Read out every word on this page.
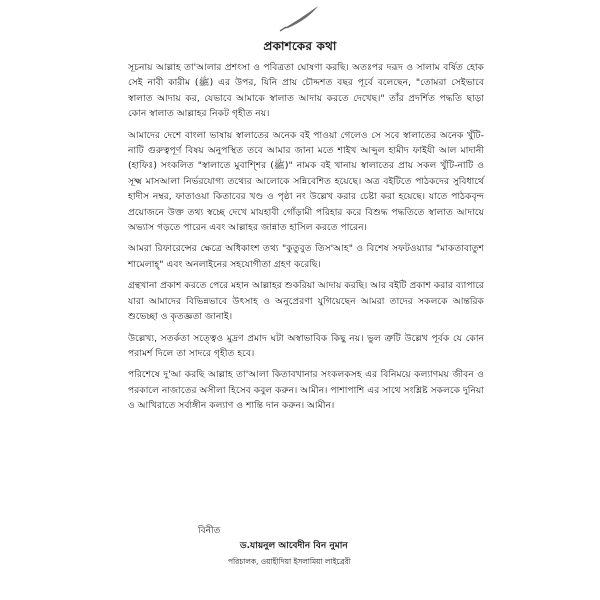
প্রকাশকের কথা

সূচনায় আল্লাহ তা'আলার প্রশংসা ও পবিত্রতা ঘোষণা করছি। অতঃপর দরূদ ও সালাম বর্ষিত হোক সেই নাবী কারীম (ﷺ) এর উপর, যিনি প্রায় চৌদ্দশত বছর পূর্বে বলেছেন, "তোমরা সেইভাবে স্বালাত আদায় কর, যেভাবে আমাকে স্বালাত আদায় করতে দেখেছ।" তাঁর প্রদর্শিত পদ্ধতি ছাড়া কোন স্বালাত আল্লাহর নিকট গৃহীত নয়।

আমাদের দেশে বাংলা ভাষায় স্বালাতের অনেক বই পাওয়া গেলেও সে সবে স্বালাতের অনেক খুঁটি-নাটি গুরুত্বপূর্ণ বিষয় অনুপস্থিত তবে আমার জানা মতে শাইখ আব্দুল হামীদ ফাইযী আল মাদানী (হাফিঃ) সংকলিত "স্বালাতে মুবাশ্শির (ﷺ)" নামক বই খানায় স্বালাতের প্রায় সকল খুঁটি-নাটি ও সূক্ষ্ম মাসআলা নির্ভরযোগ্য তথ্যের আলোকে সন্নিবেশিত হয়েছে। অত্র বইটিতে পাঠকদের সুবিধার্থে হাদীস নম্বর, ফাতাওয়া কিতাবের খণ্ড ও পৃষ্ঠা নং উল্লেখ করার চেষ্টা করা হয়েছে। যাতে পাঠকবৃন্দ প্রয়োজনে উক্ত তথ্য স্বচ্ছে দেখে মাযহাবী গোঁড়ামী পরিহার করে বিশুদ্ধ পদ্ধতিতে স্বালাত আদায়ে অভ্যাস গড়তে পারেন এবং আল্লাহর জান্নাত হাসিল করতে পারেন।

আমরা রিফারেন্সের ক্ষেত্রে অধিকাংশ তথ্য "কুতুবুত তিস'আহ" ও বিশেষ সফটওয়্যার "মাকতাবাতুশ শামেলাহ্" এবং অনলাইনের সহযোগীতা গ্রহণ করেছি।

গ্রন্থখানা প্রকাশ করতে পেরে মহান আল্লাহর শুকরিয়া আদায় করছি। আর বইটি প্রকাশ করার ব্যাপারে যারা আমাদের বিভিন্নভাবে উৎসাহ ও অনুপ্রেরণা যুগিয়েছেন আমরা তাদের সকলকে আন্তরিক শুভেচ্ছা ও কৃতজ্ঞতা জানাই।

উল্লেখ্য, সতর্কতা সত্ত্বেও মুদ্রণ প্রমাদ ঘটা অস্বাভাবিক কিছু নয়। ভুল ত্রুটি উল্লেখ পূর্বক যে কোন পরামর্শ দিলে তা সাদরে গৃহীত হবে।

পরিশেষে দু'আ করছি আল্লাহ তা'আলা কিতাবখানার সংকলকসহ এর বিনিময়ে কল্যাণময় জীবন ও পরকালে নাজাতের অসীলা হিসেব কবুল করুন। আমীন। পাশাপাশি এর সাথে সংশ্লিষ্ট সকলকে দুনিয়া ও আখিরাতে সর্বাঙ্গীন কল্যাণ ও শান্তি দান করুন। আমীন।

বিনীত
ড.যায়নুল আবেদীন বিন নুমান
পরিচালক, ওয়াহীদিয়া ইসলামিয়া লাইব্রেরী
